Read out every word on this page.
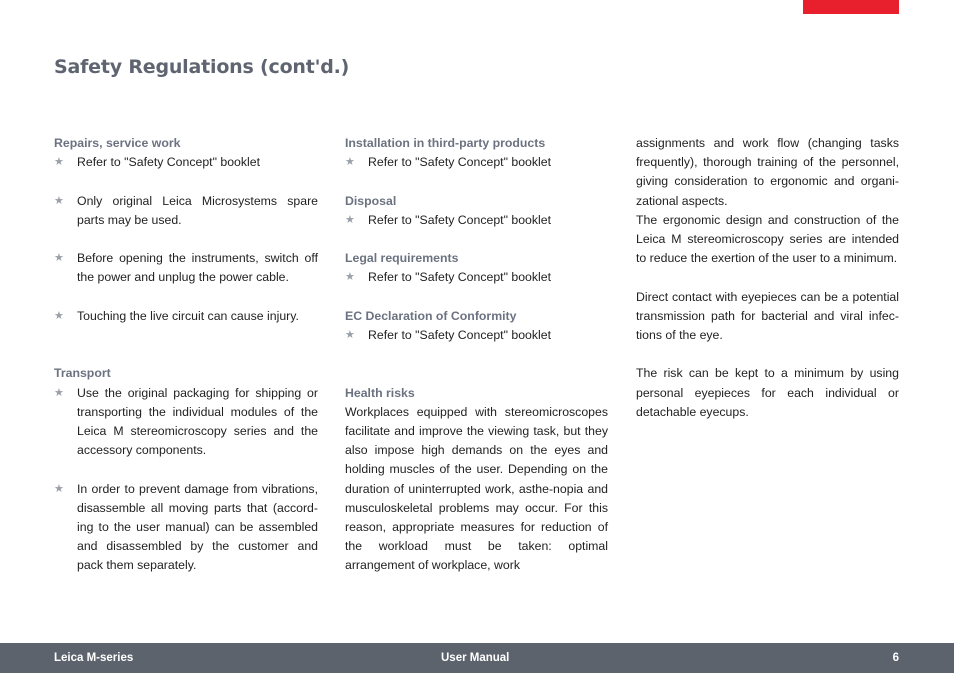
Safety Regulations (cont'd.)

Repairs, service work

★	Refer to "Safety Concept" booklet
★	Only original Leica Microsystems spare parts may be used.
★	Before opening the instruments, switch off the power and unplug the power cable.
★	Touching the live circuit can cause injury.

Transport

★	Use the original packaging for shipping or transporting the individual modules of the Leica M stereomicroscopy series and the accessory components.
★	In order to prevent damage from vibrations, disassemble all moving parts that (accord-ing to the user manual) can be assembled and disassembled by the customer and pack them separately.

Installation in third-party products

★	Refer to "Safety Concept" booklet

Disposal

★	Refer to "Safety Concept" booklet

Legal requirements

★	Refer to "Safety Concept" booklet

EC Declaration of Conformity

★	Refer to "Safety Concept" booklet

Health risks

Workplaces equipped with stereomicroscopes facilitate and improve the viewing task, but they also impose high demands on the eyes and holding muscles of the user. Depending on the duration of uninterrupted work, asthe-nopia and musculoskeletal problems may occur. For this reason, appropriate measures for reduction of the workload must be taken: optimal arrangement of workplace, work

assignments and work flow (changing tasks frequently), thorough training of the personnel, giving consideration to ergonomic and organi-zational aspects.

The ergonomic design and construction of the Leica M stereomicroscopy series are intended to reduce the exertion of the user to a minimum.

Direct contact with eyepieces can be a potential transmission path for bacterial and viral infec-tions of the eye.

The risk can be kept to a minimum by using personal eyepieces for each individual or detachable eyecups.

Leica M-series	User Manual	6
